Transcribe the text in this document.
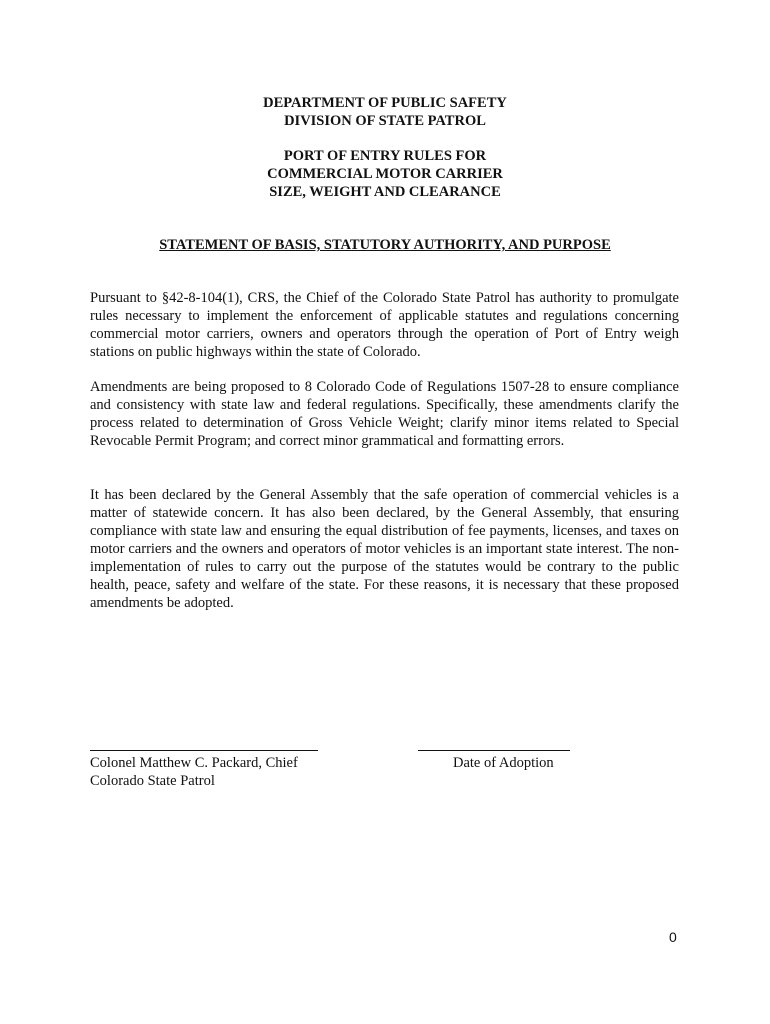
DEPARTMENT OF PUBLIC SAFETY
DIVISION OF STATE PATROL
PORT OF ENTRY RULES FOR
COMMERCIAL MOTOR CARRIER
SIZE, WEIGHT AND CLEARANCE
STATEMENT OF BASIS, STATUTORY AUTHORITY, AND PURPOSE

Pursuant to §42-8-104(1), CRS, the Chief of the Colorado State Patrol has authority to promulgate rules necessary to implement the enforcement of applicable statutes and regulations concerning commercial motor carriers, owners and operators through the operation of Port of Entry weigh stations on public highways within the state of Colorado.

Amendments are being proposed to 8 Colorado Code of Regulations 1507-28 to ensure compliance and consistency with state law and federal regulations. Specifically, these amendments clarify the process related to determination of Gross Vehicle Weight; clarify minor items related to Special Revocable Permit Program; and correct minor grammatical and formatting errors.

It has been declared by the General Assembly that the safe operation of commercial vehicles is a matter of statewide concern. It has also been declared, by the General Assembly, that ensuring compliance with state law and ensuring the equal distribution of fee payments, licenses, and taxes on motor carriers and the owners and operators of motor vehicles is an important state interest. The non-implementation of rules to carry out the purpose of the statutes would be contrary to the public health, peace, safety and welfare of the state. For these reasons, it is necessary that these proposed amendments be adopted.

Colonel Matthew C. Packard, Chief
Colorado State Patrol
Date of Adoption
0
